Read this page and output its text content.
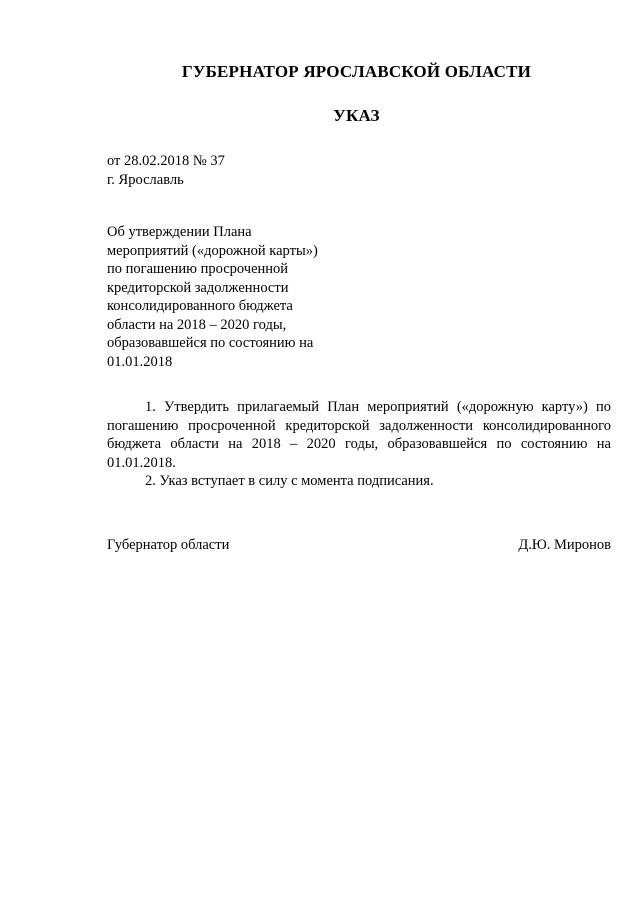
ГУБЕРНАТОР ЯРОСЛАВСКОЙ ОБЛАСТИ
УКАЗ
от 28.02.2018 № 37
г. Ярославль
Об утверждении Плана
мероприятий («дорожной карты»)
по погашению просроченной
кредиторской задолженности
консолидированного бюджета
области на 2018 – 2020 годы,
образовавшейся по состоянию на
01.01.2018

1. Утвердить прилагаемый План мероприятий («дорожную карту») по погашению просроченной кредиторской задолженности консолидированного бюджета области на 2018 – 2020 годы, образовавшейся по состоянию на 01.01.2018.

2. Указ вступает в силу с момента подписания.

Губернатор области	Д.Ю. Миронов
